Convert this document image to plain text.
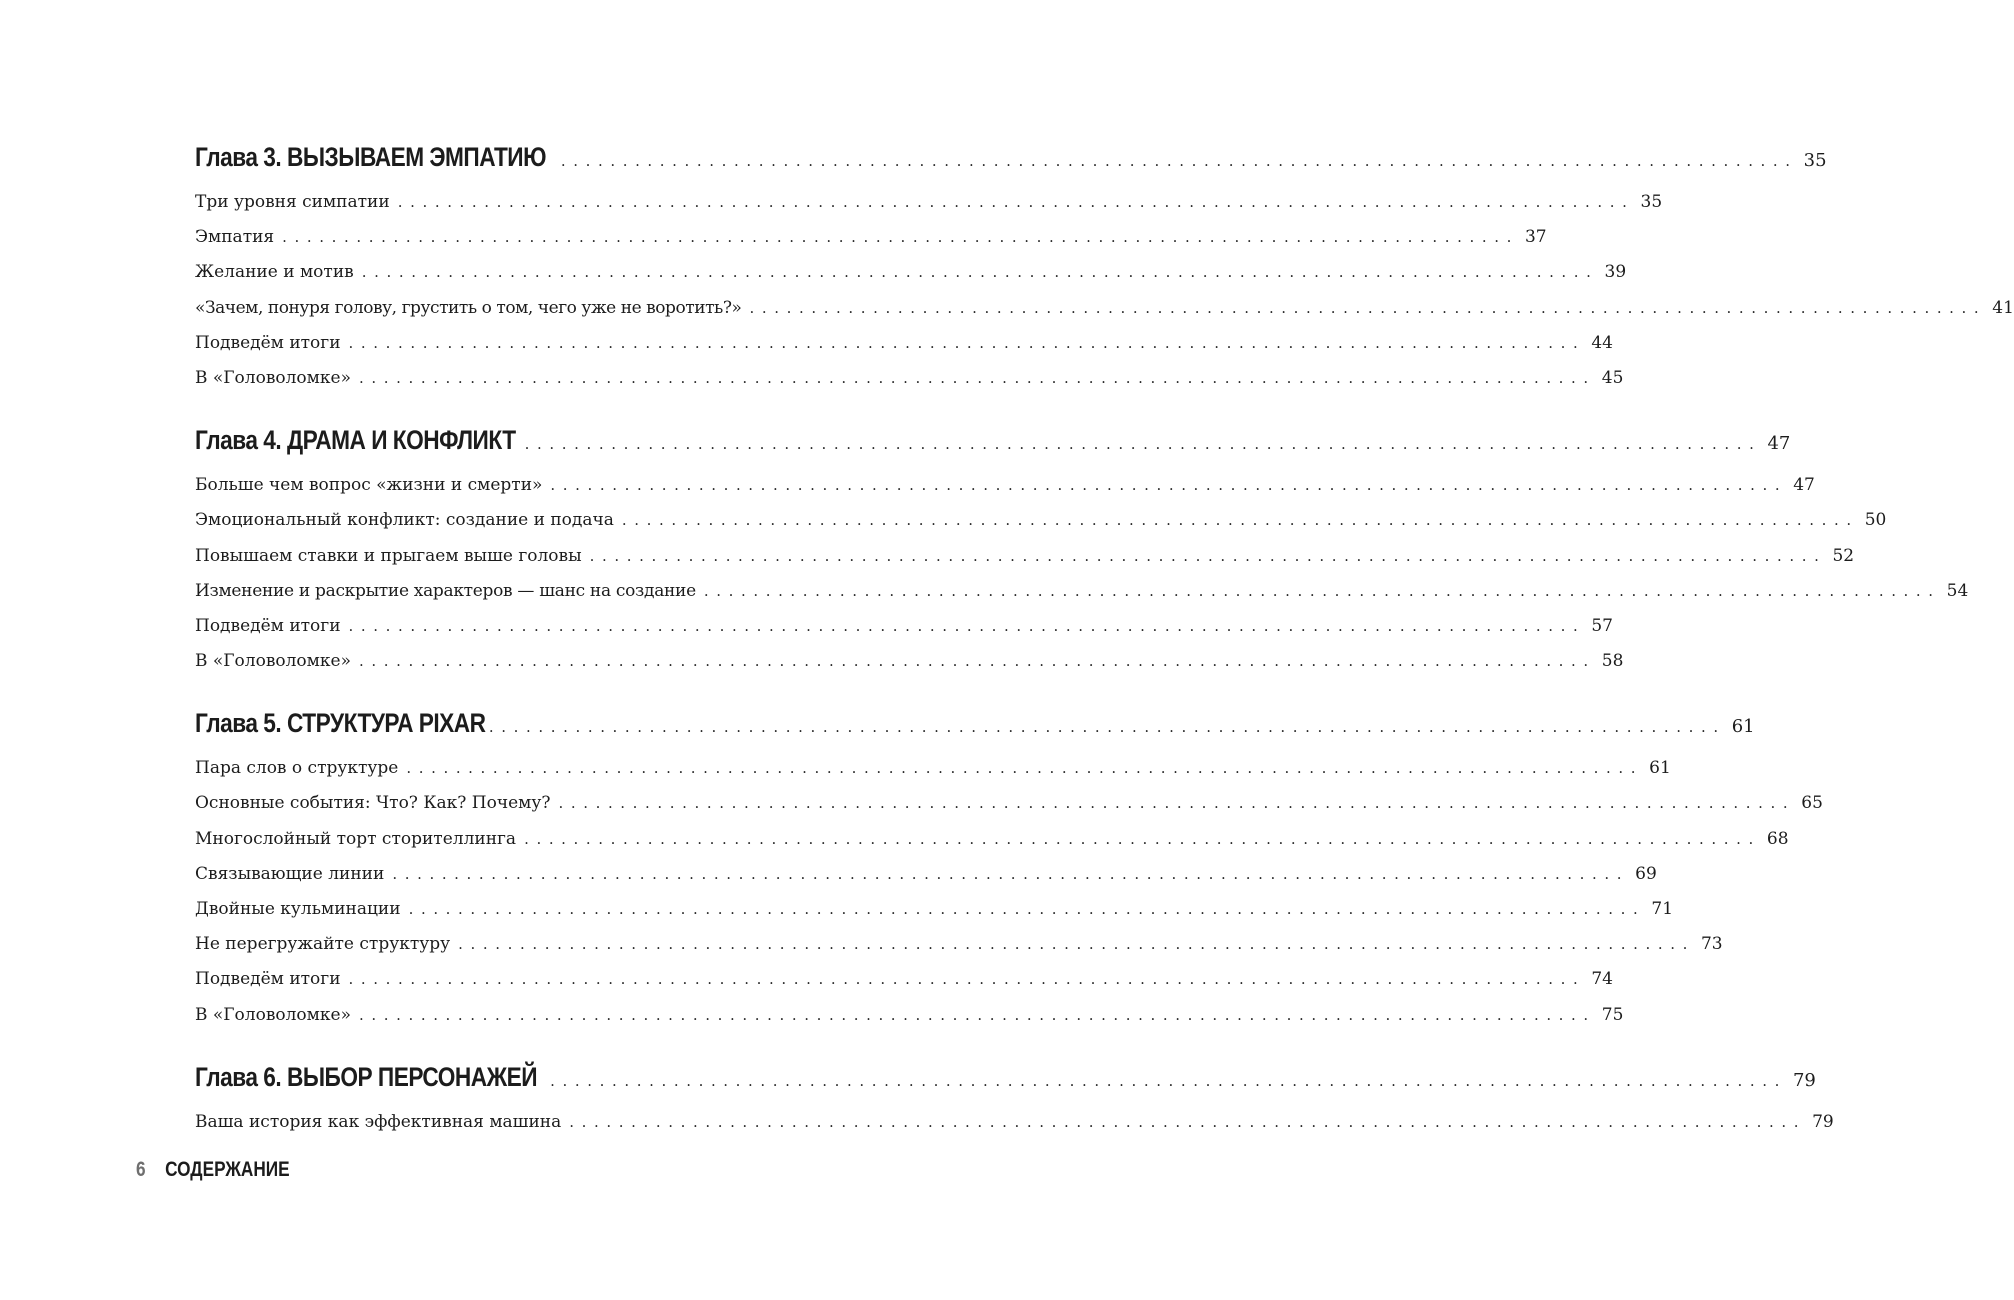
Глава 3. ВЫЗЫВАЕМ ЭМПАТИЮ .................................................................................................... 35
Три уровня симпатии .................................................................................................... 35
Эмпатия .................................................................................................... 37
Желание и мотив .................................................................................................... 39
«Зачем, понуря голову, грустить о том, чего уже не воротить?» .................................................................................................... 41
Подведём итоги .................................................................................................... 44
В «Головоломке» .................................................................................................... 45
Глава 4. ДРАМА И КОНФЛИКТ .................................................................................................... 47
Больше чем вопрос «жизни и смерти» .................................................................................................... 47
Эмоциональный конфликт: создание и подача .................................................................................................... 50
Повышаем ставки и прыгаем выше головы .................................................................................................... 52
Изменение и раскрытие характеров — шанс на создание .................................................................................................... 54
Подведём итоги .................................................................................................... 57
В «Головоломке» .................................................................................................... 58
Глава 5. СТРУКТУРА PIXAR .................................................................................................... 61
Пара слов о структуре .................................................................................................... 61
Основные события: Что? Как? Почему? .................................................................................................... 65
Многослойный торт сторителлинга .................................................................................................... 68
Связывающие линии .................................................................................................... 69
Двойные кульминации .................................................................................................... 71
Не перегружайте структуру .................................................................................................... 73
Подведём итоги .................................................................................................... 74
В «Головоломке» .................................................................................................... 75
Глава 6. ВЫБОР ПЕРСОНАЖЕЙ .................................................................................................... 79
Ваша история как эффективная машина .................................................................................................... 79
6 СОДЕРЖАНИЕ
